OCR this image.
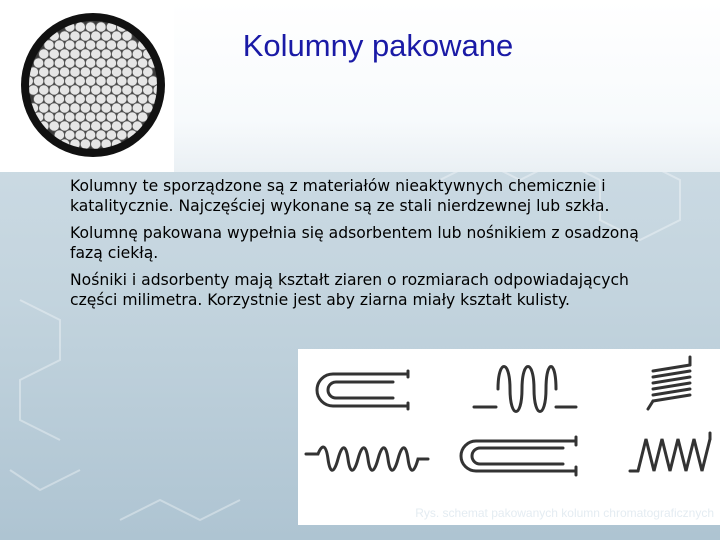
Kolumny pakowane

Kolumny te sporządzone są z materiałów nieaktywnych chemicznie i katalitycznie. Najczęściej wykonane są ze stali nierdzewnej lub szkła.

Kolumnę pakowana wypełnia się adsorbentem lub nośnikiem z osadzoną fazą ciekłą.

Nośniki i adsorbenty mają kształt ziaren o rozmiarach odpowiadających części milimetra. Korzystnie jest aby ziarna miały kształt kulisty.

Rys. schemat pakowanych kolumn chromatograficznych
